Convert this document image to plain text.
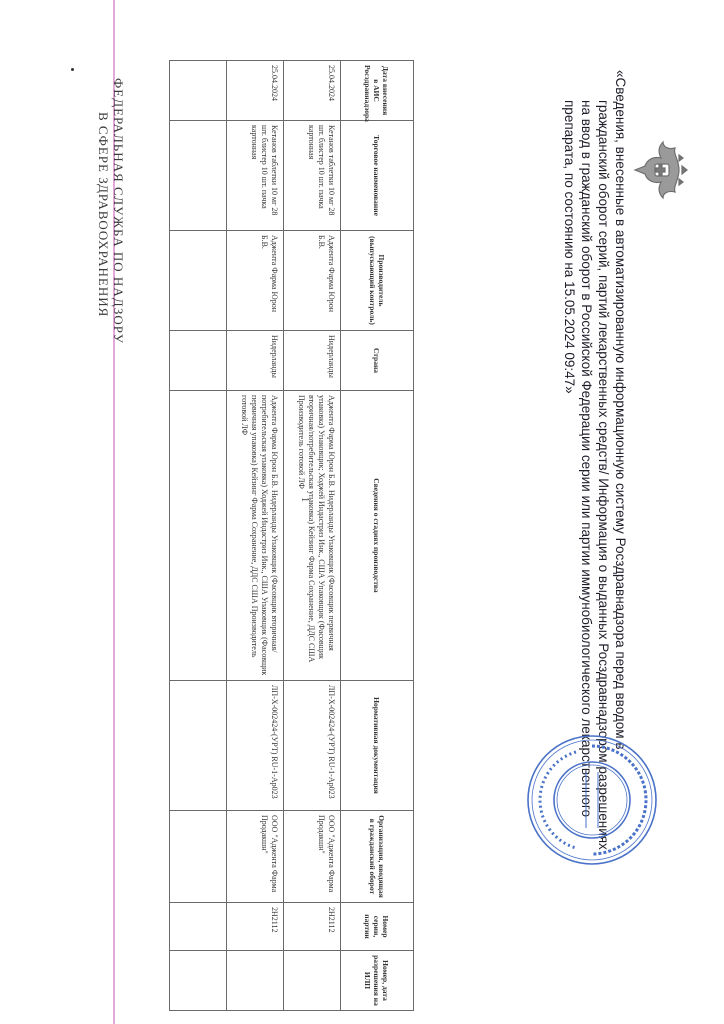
«Сведения, внесенные в автоматизированную информационную систему Росздравнадзора перед вводом в
гражданский оборот серий, партий лекарственных средств/ Информация о выданных Росздравнадзором разрешениях
на ввод в гражданский оборот в Российской Федерации серии или партии иммунобиологического лекарственного
препарата, по состоянию на 15.05.2024 09:47»
Дата внесения в АИС Росздравнадзора	Торговое наименование	Производитель (выпускающий контроль)	Страна	Сведения о стадиях производства	Нормативная документация	Организация, вводящая в гражданский оборот	Номер серии, партии	Номер, дата разрешения на ИЛП
25.04.2024	Кетанов таблетки 10 мг 28 шт. блистер 10 шт. пачка картонная	Аджента Фарма Юрон Б.В.	Нидерланды	Аджента Фарма Юрон Б.В. Нидерланды Упаковщик (Фасовщик первичная упаковка) Упаковщик; Ходжей Индастриз Инк., США Упаковщик (Фасовщик вторичная/потребительская упаковка) Кейзинг Фарма Сохранение, ДДС США Производитель готовой ЛФ	ЛП-Х-002424-(УРТ) RU-1-Ар023	ООО "Аджента Фарма Продакшн"	2Н2112	
25.04.2024	Кетанов таблетки 10 мг 28 шт. блистер 10 шт. пачка картонная	Аджента Фарма Юрон Б.В.	Нидерланды	Аджента Фарма Юрон Б.В. Нидерланды Упаковщик (Фасовщик вторичная/потребительская упаковка) Ходжей Индастриз Инк., США Упаковщик (Фасовщик первичная упаковка) Кейзинг Фарма Сохранение, ДДС США Производитель готовой ЛФ	ЛП-Х-002424-(УРТ) RU-1-Ар023	ООО "Аджента Фарма Продакшн"	2Н2112	

ФЕДЕРАЛЬНАЯ СЛУЖБА ПО НАДЗОРУ
В СФЕРЕ ЗДРАВООХРАНЕНИЯ
1
